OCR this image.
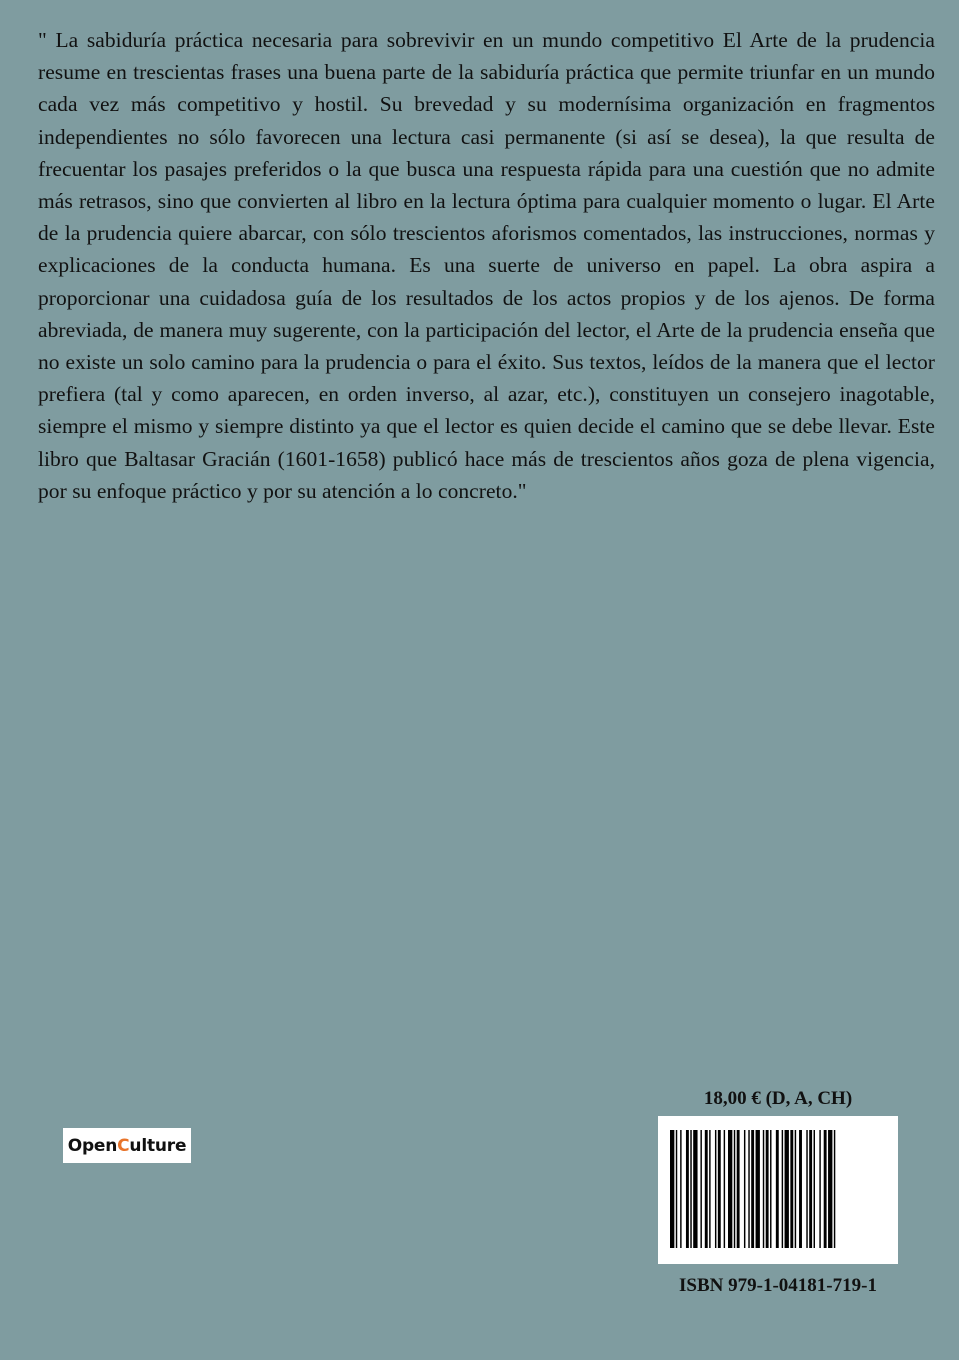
" La sabiduría práctica necesaria para sobrevivir en un mundo competitivo El Arte de la prudencia resume en trescientas frases una buena parte de la sabiduría práctica que permite triunfar en un mundo cada vez más competitivo y hostil. Su brevedad y su modernísima organización en fragmentos independientes no sólo favorecen una lectura casi permanente (si así se desea), la que resulta de frecuentar los pasajes preferidos o la que busca una respuesta rápida para una cuestión que no admite más retrasos, sino que convierten al libro en la lectura óptima para cualquier momento o lugar. El Arte de la prudencia quiere abarcar, con sólo trescientos aforismos comentados, las instrucciones, normas y explicaciones de la conducta humana. Es una suerte de universo en papel. La obra aspira a proporcionar una cuidadosa guía de los resultados de los actos propios y de los ajenos. De forma abreviada, de manera muy sugerente, con la participación del lector, el Arte de la prudencia enseña que no existe un solo camino para la prudencia o para el éxito. Sus textos, leídos de la manera que el lector prefiera (tal y como aparecen, en orden inverso, al azar, etc.), constituyen un consejero inagotable, siempre el mismo y siempre distinto ya que el lector es quien decide el camino que se debe llevar. Este libro que Baltasar Gracián (1601-1658) publicó hace más de trescientos años goza de plena vigencia, por su enfoque práctico y por su atención a lo concreto."
Open C ulture
18,00 € (D, A, CH)
ISBN 979-1-04181-719-1
